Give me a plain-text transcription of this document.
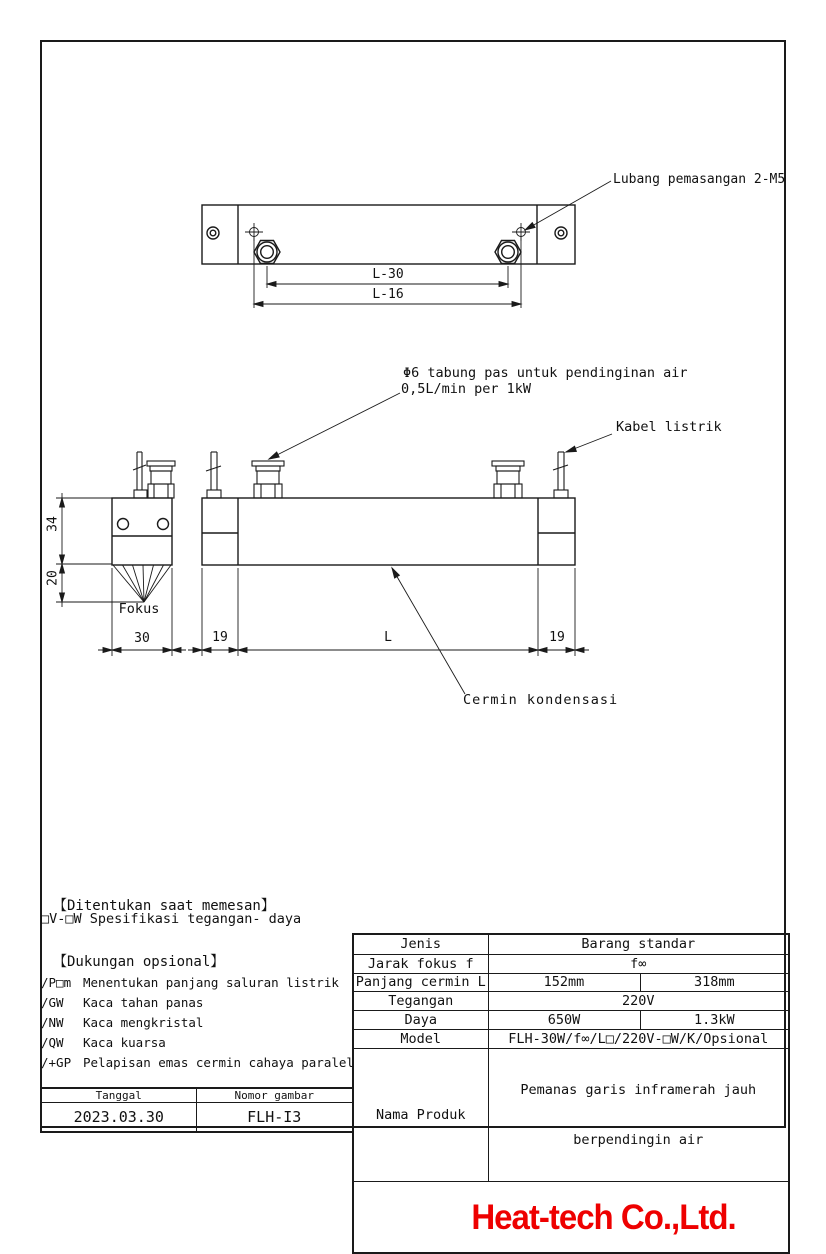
Lubang pemasangan 2-M5
Φ6 tabung pas untuk pendinginan air
0,5L/min per 1kW
Kabel listrik
Cermin kondensasi
Fokus
L-30
L-16
34
20
30	19	L	19
【Ditentukan saat memesan】
□V-□W Spesifikasi tegangan- daya
【Dukungan opsional】
/P□m Menentukan panjang saluran listrik
/GW	Kaca tahan panas
/NW	Kaca mengkristal
/QW	Kaca kuarsa
/+GP Pelapisan emas cermin cahaya paralel
Jenis	Barang standar	
Jarak fokus f	f∞	
Panjang cermin L	152mm	318mm
Tegangan	220V	
Daya	650W	1.3kW
Model	FLH-30W/f∞/L□/220V-□W/K/Opsional	
Nama Produk	Pemanas garis inframerah jauh

berpendingin air	

Heat-tech Co.,Ltd.		

Tanggal	Nomor gambar
2023.03.30	FLH-I3
